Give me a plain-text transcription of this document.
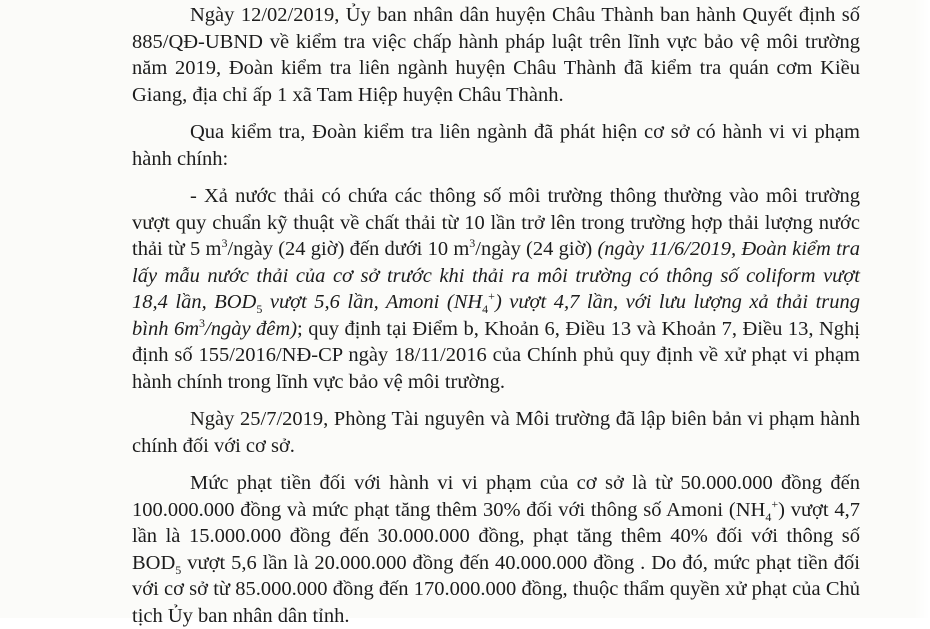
Ngày 12/02/2019, Ủy ban nhân dân huyện Châu Thành ban hành Quyết định số 885/QĐ-UBND về kiểm tra việc chấp hành pháp luật trên lĩnh vực bảo vệ môi trường năm 2019, Đoàn kiểm tra liên ngành huyện Châu Thành đã kiểm tra quán cơm Kiều Giang, địa chỉ ấp 1 xã Tam Hiệp huyện Châu Thành.

Qua kiểm tra, Đoàn kiểm tra liên ngành đã phát hiện cơ sở có hành vi vi phạm hành chính:

- Xả nước thải có chứa các thông số môi trường thông thường vào môi trường vượt quy chuẩn kỹ thuật về chất thải từ 10 lần trở lên trong trường hợp thải lượng nước thải từ 5 $m^3$/ngày (24 giờ) đến dưới 10 $m^3$/ngày (24 giờ) (ngày 11/6/2019, Đoàn kiểm tra lấy mẫu nước thải của cơ sở trước khi thải ra môi trường có thông số coliform vượt 18,4 lần, $BOD_5$ vượt 5,6 lần, Amoni $(NH_4^+)$ vượt 4,7 lần, với lưu lượng xả thải trung bình $6m^3$/ngày đêm); quy định tại Điểm b, Khoản 6, Điều 13 và Khoản 7, Điều 13, Nghị định số 155/2016/NĐ-CP ngày 18/11/2016 của Chính phủ quy định về xử phạt vi phạm hành chính trong lĩnh vực bảo vệ môi trường.

Ngày 25/7/2019, Phòng Tài nguyên và Môi trường đã lập biên bản vi phạm hành chính đối với cơ sở.

Mức phạt tiền đối với hành vi vi phạm của cơ sở là từ 50.000.000 đồng đến 100.000.000 đồng và mức phạt tăng thêm 30% đối với thông số Amoni $(NH_4^+)$ vượt 4,7 lần là 15.000.000 đồng đến 30.000.000 đồng, phạt tăng thêm 40% đối với thông số $BOD_5$ vượt 5,6 lần là 20.000.000 đồng đến 40.000.000 đồng . Do đó, mức phạt tiền đối với cơ sở từ 85.000.000 đồng đến 170.000.000 đồng, thuộc thẩm quyền xử phạt của Chủ tịch Ủy ban nhân dân tỉnh.
